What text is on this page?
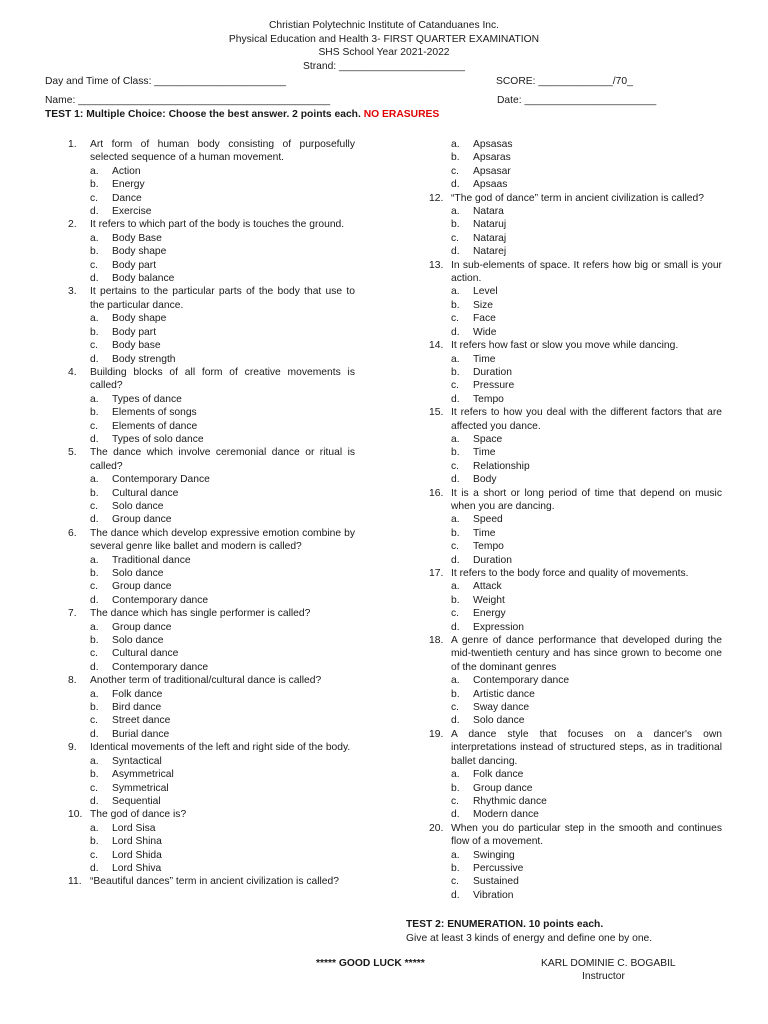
Christian Polytechnic Institute of Catanduanes Inc.
Physical Education and Health 3- FIRST QUARTER EXAMINATION
SHS School Year 2021-2022
Strand: ______________________
Day and Time of Class: _______________________	SCORE: _____________/70_
Name: ____________________________________________	Date: _______________________
TEST 1: Multiple Choice: Choose the best answer. 2 points each. NO ERASURES
1.	Art form of human body consisting of purposefully selected sequence of a human movement.
a.	Action
b.	Energy
c.	Dance
d.	Exercise
2.	It refers to which part of the body is touches the ground.
a.	Body Base
b.	Body shape
c.	Body part
d.	Body balance
3.	It pertains to the particular parts of the body that use to the particular dance.
a.	Body shape
b.	Body part
c.	Body base
d.	Body strength
4.	Building blocks of all form of creative movements is called?
a.	Types of dance
b.	Elements of songs
c.	Elements of dance
d.	Types of solo dance
5.	The dance which involve ceremonial dance or ritual is called?
a.	Contemporary Dance
b.	Cultural dance
c.	Solo dance
d.	Group dance
6.	The dance which develop expressive emotion combine by several genre like ballet and modern is called?
a.	Traditional dance
b.	Solo dance
c.	Group dance
d.	Contemporary dance
7.	The dance which has single performer is called?
a.	Group dance
b.	Solo dance
c.	Cultural dance
d.	Contemporary dance
8.	Another term of traditional/cultural dance is called?
a.	Folk dance
b.	Bird dance
c.	Street dance
d.	Burial dance
9.	Identical movements of the left and right side of the body.
a.	Syntactical
b.	Asymmetrical
c.	Symmetrical
d.	Sequential
10. The god of dance is?
a.	Lord Sisa
b.	Lord Shina
c.	Lord Shida
d.	Lord Shiva
11. “Beautiful dances” term in ancient civilization is called?
a.	Apsasas
b.	Apsaras
c.	Apsasar
d.	Apsaas
12. “The god of dance” term in ancient civilization is called?
a.	Natara
b.	Nataruj
c.	Nataraj
d.	Natarej
13. In sub-elements of space. It refers how big or small is your action.
a.	Level
b.	Size
c.	Face
d.	Wide
14. It refers how fast or slow you move while dancing.
a.	Time
b.	Duration
c.	Pressure
d.	Tempo
15. It refers to how you deal with the different factors that are affected you dance.
a.	Space
b.	Time
c.	Relationship
d.	Body
16. It is a short or long period of time that depend on music when you are dancing.
a.	Speed
b.	Time
c.	Tempo
d.	Duration
17. It refers to the body force and quality of movements.
a.	Attack
b.	Weight
c.	Energy
d.	Expression
18. A genre of dance performance that developed during the mid-twentieth century and has since grown to become one of the dominant genres
a.	Contemporary dance
b.	Artistic dance
c.	Sway dance
d.	Solo dance
19. A dance style that focuses on a dancer's own interpretations instead of structured steps, as in traditional ballet dancing.
a.	Folk dance
b.	Group dance
c.	Rhythmic dance
d.	Modern dance
20. When you do particular step in the smooth and continues flow of a movement.
a.	Swinging
b.	Percussive
c.	Sustained
d.	Vibration
TEST 2: ENUMERATION. 10 points each.
Give at least 3 kinds of energy and define one by one.
***** GOOD LUCK *****	KARL DOMINIE C. BOGABIL
Instructor
